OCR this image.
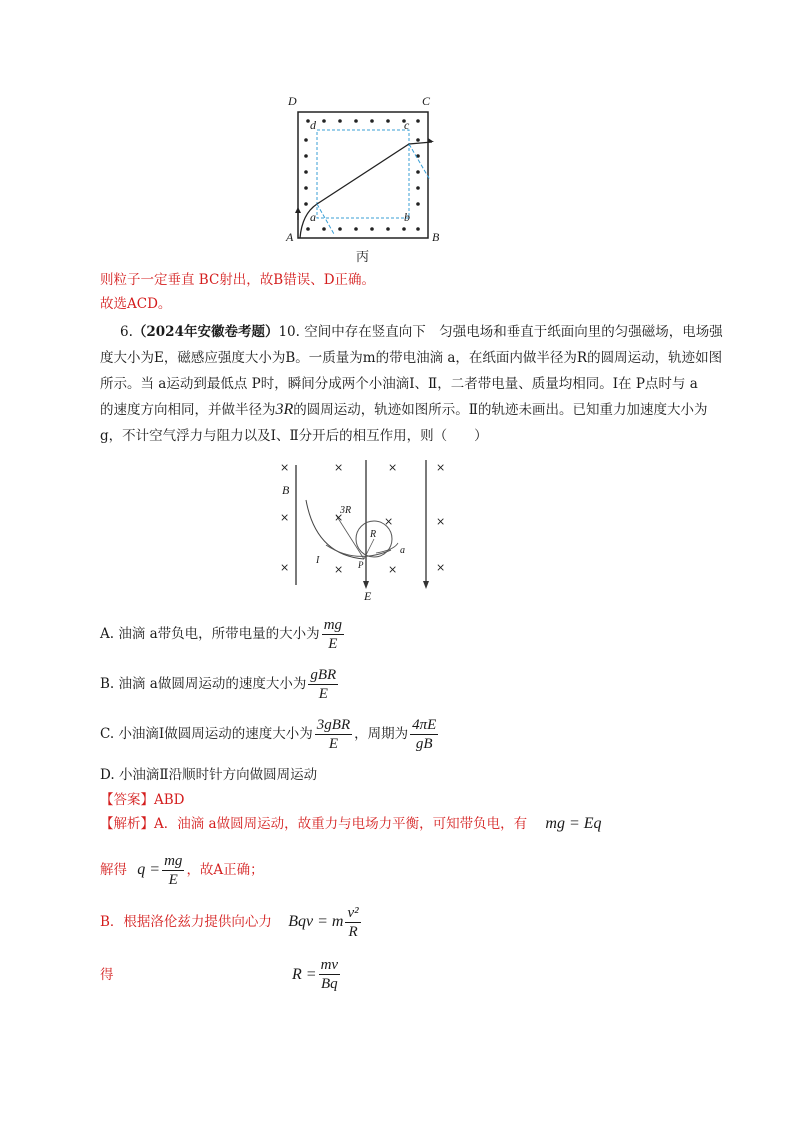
D	C
A	B
d	c
a	b
丙
则粒子一定垂直 BC射出，故B错误、D正确。
故选ACD。
6.（2024年安徽卷考题）10. 空间中存在竖直向下　匀强电场和垂直于纸面向里的匀强磁场，电场强
度大小为E，磁感应强度大小为B。一质量为m的带电油滴 a，在纸面内做半径为R的圆周运动，轨迹如图
所示。当 a运动到最低点 P时，瞬间分成两个小油滴Ⅰ、Ⅱ，二者带电量、质量均相同。Ⅰ在 P点时与 a
的速度方向相同，并做半径为3R的圆周运动，轨迹如图所示。Ⅱ的轨迹未画出。已知重力加速度大小为
g，不计空气浮力与阻力以及Ⅰ、Ⅱ分开后的相互作用，则（　　）
×	×	×	×
×	×	×	×
×	×	×	×
B
3R
R
a
I	P
E
A. 油滴 a带负电，所带电量的大小为 $\frac{mg}{E}$
B. 油滴 a做圆周运动的速度大小为 $\frac{\text{gBR}}{E}$
C. 小油滴Ⅰ做圆周运动的速度大小为 $\frac{\text{3gBR}}{E}$ ，周期为 $\frac{4\pi E}{gB}$
D. 小油滴Ⅱ沿顺时针方向做圆周运动
【答案】ABD
【解析】A．油滴 a做圆周运动，故重力与电场力平衡，可知带负电，有 mg = Eq
解得 $q = \frac{mg}{E}$ ，故A正确；
B．根据洛伦兹力提供向心力 Bqv = m $\frac{\text{v²}}{R}$
得	$R = \frac{mv}{Bq}$
